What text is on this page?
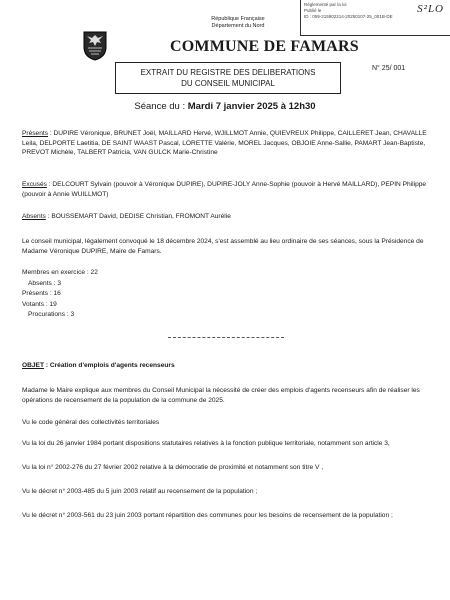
Réglementé par la loi
Publié le
ID : 059-215902214-20250107-25_001B-DE
S²LO
République Française
Département du Nord
COMMUNE DE FAMARS
EXTRAIT DU REGISTRE DES DELIBERATIONS
DU CONSEIL MUNICIPAL
N° 25/ 001
Séance du : Mardi 7 janvier 2025 à 12h30
Présents : DUPIRE Véronique, BRUNET Joël, MAILLARD Hervé, WJILLMOT Annie, QUIEVREUX Philippe, CAILLERET Jean, CHAVALLE Leila, DELPORTE Laetitia, DE SAINT WAAST Pascal, LORETTE Valérie, MOREL Jacques, OBJOIE Anne-Sallie, PAMART Jean-Baptiste, PREVOT Michèle, TALBERT Patricia, VAN GULCK Marie-Christine
Excusés : DELCOURT Sylvain (pouvoir à Véronique DUPIRE), DUPIRE-JOLY Anne-Sophie (pouvoir à Hervé MAILLARD), PEPIN Philippe (pouvoir à Annie WUILLMOT)
Absents : BOUSSEMART David, DEDISE Christian, FROMONT Aurélie
Le conseil municipal, légalement convoqué le 18 décembre 2024, s'est assemblé au lieu ordinaire de ses séances, sous la Présidence de Madame Véronique DUPIRE, Maire de Famars.
Membres en exercice : 22
Absents : 3
Présents : 16
Votants : 19
Procurations : 3
OBJET : Création d'emplois d'agents recenseurs
Madame le Maire explique aux membres du Conseil Municipal la nécessité de créer des emplois d'agents recenseurs afin de réaliser les opérations de recensement de la population de la commune de 2025.
Vu le code général des collectivités territoriales
Vu la loi du 26 janvier 1984 portant dispositions statutaires relatives à la fonction publique territoriale, notamment son article 3,
Vu la loi n° 2002-276 du 27 février 2002 relative à la démocratie de proximité et notamment son titre V ,
Vu le décret n° 2003-485 du 5 juin 2003 relatif au recensement de la population ;
Vu le décret n° 2003-561 du 23 juin 2003 portant répartition des communes pour les besoins de recensement de la population ;
